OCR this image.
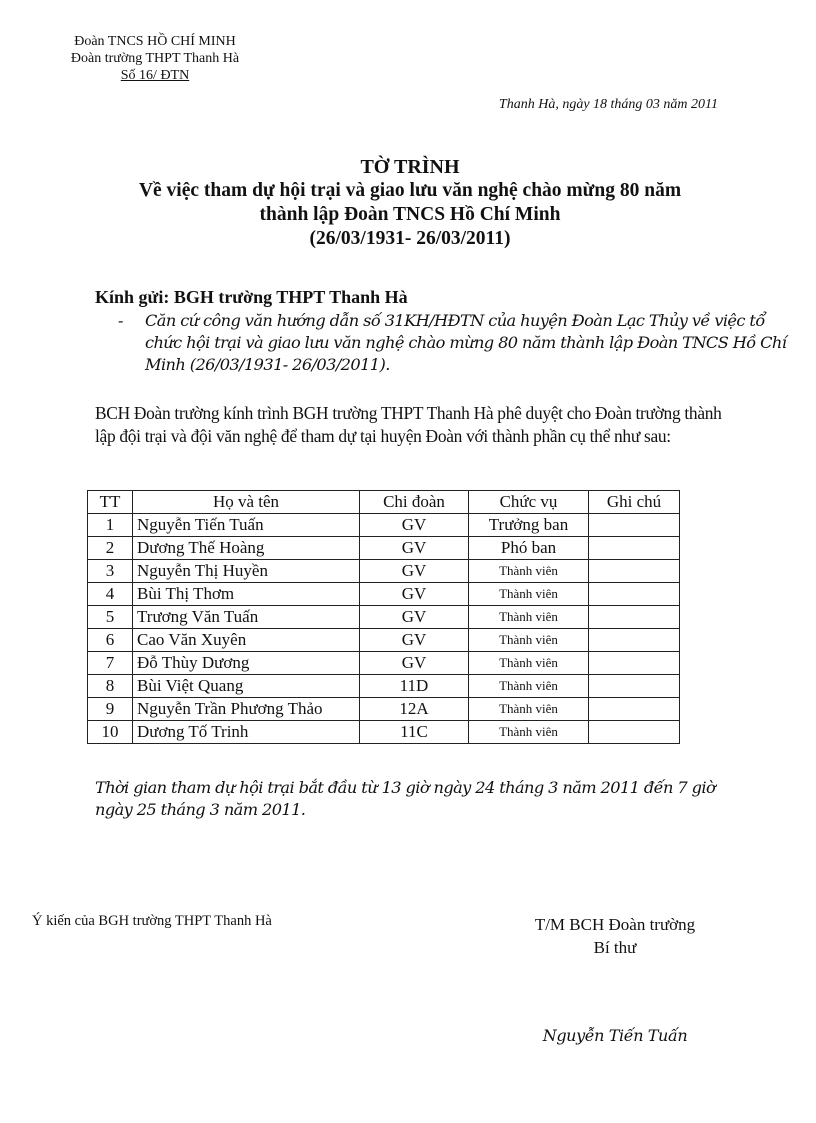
Đoàn TNCS HỒ CHÍ MINH
Đoàn trường THPT Thanh Hà
Số 16/ ĐTN
Thanh Hà, ngày 18 tháng 03 năm 2011
TỜ TRÌNH
Về việc tham dự hội trại và giao lưu văn nghệ chào mừng 80 năm
thành lập Đoàn TNCS Hồ Chí Minh
(26/03/1931- 26/03/2011)
Kính gửi: BGH trường THPT Thanh Hà
- Căn cứ công văn hướng dẫn số 31KH/HĐTN của huyện Đoàn Lạc Thủy về việc tổ chức hội trại và giao lưu văn nghệ chào mừng 80 năm thành lập Đoàn TNCS Hồ Chí Minh (26/03/1931- 26/03/2011).
BCH Đoàn trường kính trình BGH trường THPT Thanh Hà phê duyệt cho Đoàn trường thành lập đội trại và đội văn nghệ để tham dự tại huyện Đoàn với thành phần cụ thể như sau:
TT	Họ và tên	Chi đoàn	Chức vụ	Ghi chú
1	Nguyễn Tiến Tuấn	GV	Trưởng ban	
2	Dương Thế Hoàng	GV	Phó ban	
3	Nguyễn Thị Huyền	GV	Thành viên	
4	Bùi Thị Thơm	GV	Thành viên	
5	Trương Văn Tuấn	GV	Thành viên	
6	Cao Văn Xuyên	GV	Thành viên	
7	Đỗ Thùy Dương	GV	Thành viên	
8	Bùi Việt Quang	11D	Thành viên	
9	Nguyễn Trần Phương Thảo	12A	Thành viên	
10	Dương Tố Trinh	11C	Thành viên	
Thời gian tham dự hội trại bắt đầu từ 13 giờ ngày 24 tháng 3 năm 2011 đến 7 giờ ngày 25 tháng 3 năm 2011.
Ý kiến của BGH trường THPT Thanh Hà	T/M BCH Đoàn trường
Bí thư
Nguyễn Tiến Tuấn
